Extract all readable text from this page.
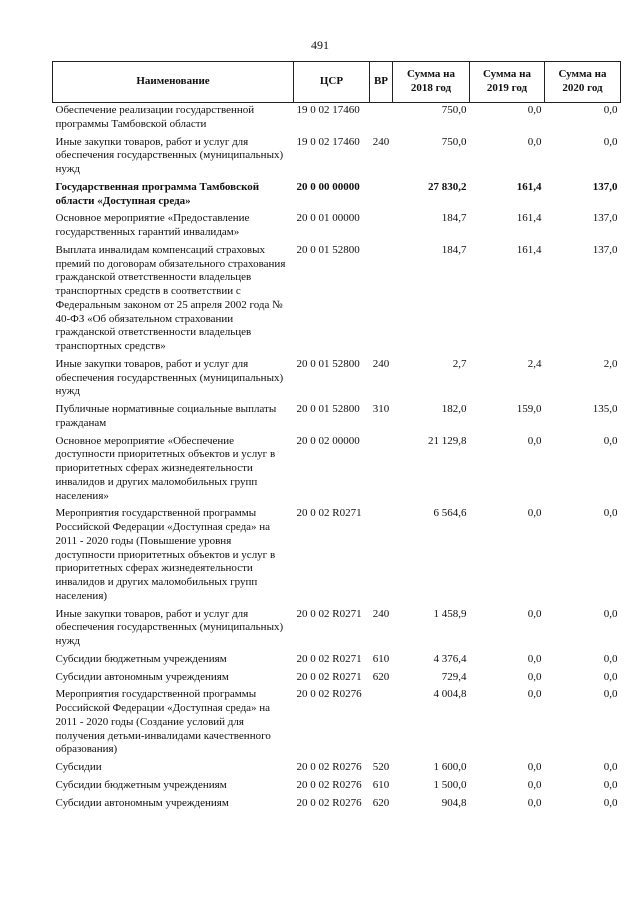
491
Наименование	ЦСР	ВР	Сумма на 2018 год	Сумма на 2019 год	Сумма на 2020 год
Обеспечение реализации государственной программы Тамбовской области	19 0 02 17460		750,0	0,0	0,0
Иные закупки товаров, работ и услуг для обеспечения государственных (муниципальных) нужд	19 0 02 17460	240	750,0	0,0	0,0
Государственная программа Тамбовской области «Доступная среда»	20 0 00 00000		27 830,2	161,4	137,0
Основное мероприятие «Предоставление государственных гарантий инвалидам»	20 0 01 00000		184,7	161,4	137,0
Выплата инвалидам компенсаций страховых премий по договорам обязательного страхования гражданской ответственности владельцев транспортных средств в соответствии с Федеральным законом от 25 апреля 2002 года № 40-ФЗ «Об обязательном страховании гражданской ответственности владельцев транспортных средств»	20 0 01 52800		184,7	161,4	137,0
Иные закупки товаров, работ и услуг для обеспечения государственных (муниципальных) нужд	20 0 01 52800	240	2,7	2,4	2,0
Публичные нормативные социальные выплаты гражданам	20 0 01 52800	310	182,0	159,0	135,0
Основное мероприятие «Обеспечение доступности приоритетных объектов и услуг в приоритетных сферах жизнедеятельности инвалидов и других маломобильных групп населения»	20 0 02 00000		21 129,8	0,0	0,0
Мероприятия государственной программы Российской Федерации «Доступная среда» на 2011 - 2020 годы (Повышение уровня доступности приоритетных объектов и услуг в приоритетных сферах жизнедеятельности инвалидов и других маломобильных групп населения)	20 0 02 R0271		6 564,6	0,0	0,0
Иные закупки товаров, работ и услуг для обеспечения государственных (муниципальных) нужд	20 0 02 R0271	240	1 458,9	0,0	0,0
Субсидии бюджетным учреждениям	20 0 02 R0271	610	4 376,4	0,0	0,0
Субсидии автономным учреждениям	20 0 02 R0271	620	729,4	0,0	0,0
Мероприятия государственной программы Российской Федерации «Доступная среда» на 2011 - 2020 годы (Создание условий для получения детьми-инвалидами качественного образования)	20 0 02 R0276		4 004,8	0,0	0,0
Субсидии	20 0 02 R0276	520	1 600,0	0,0	0,0
Субсидии бюджетным учреждениям	20 0 02 R0276	610	1 500,0	0,0	0,0
Субсидии автономным учреждениям	20 0 02 R0276	620	904,8	0,0	0,0
